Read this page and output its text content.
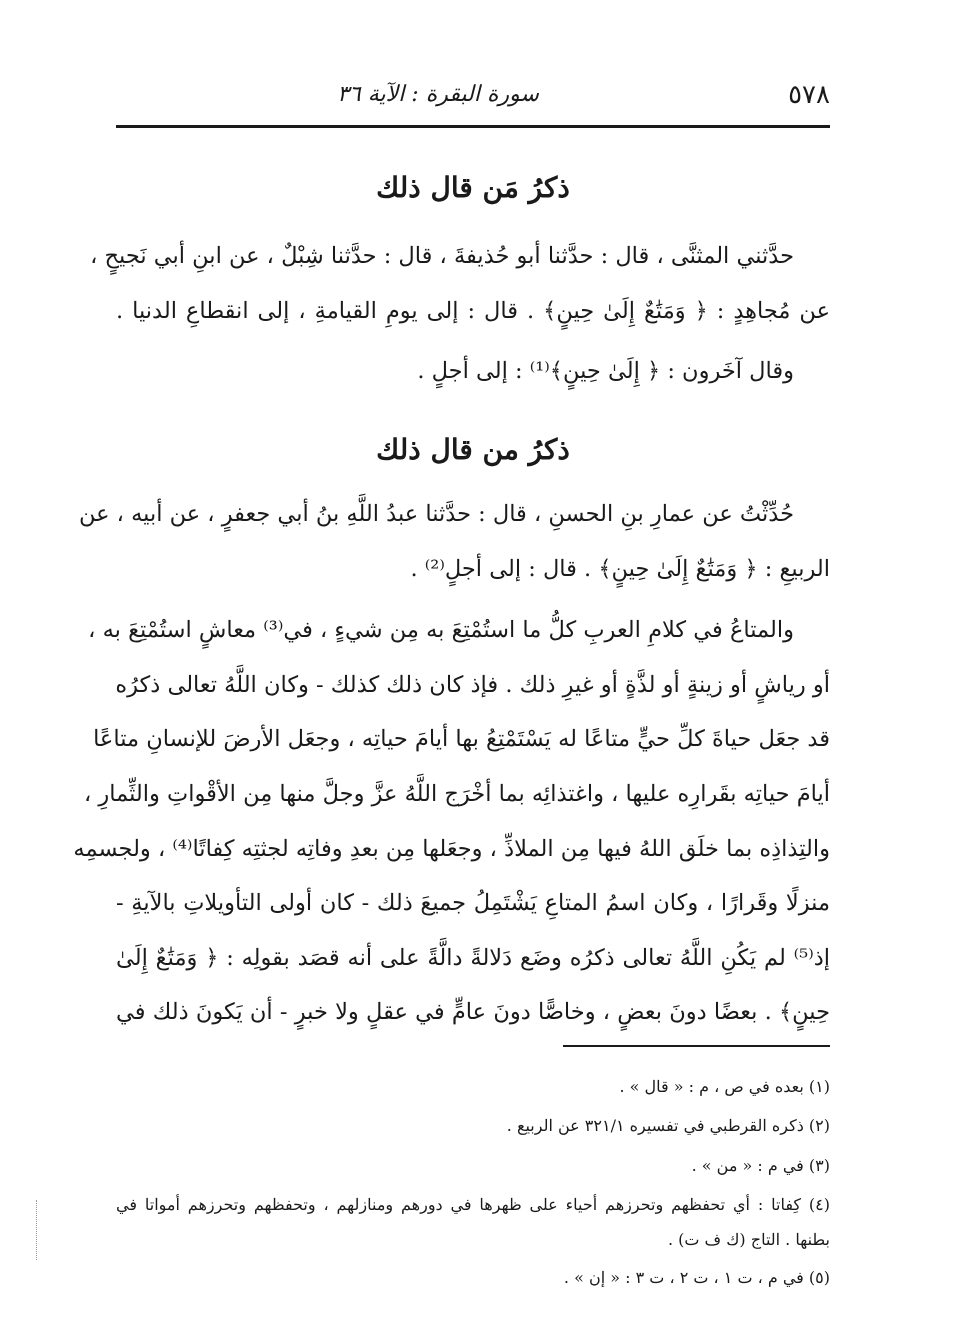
٥٧٨
سورة البقرة : الآية ٣٦
ذكرُ مَن قال ذلك
حدَّثني المثنَّى ، قال : حدَّثنا أبو حُذيفةَ ، قال : حدَّثنا شِبْلٌ ، عن ابنِ أبي نَجيحٍ ،
عن مُجاهِدٍ : ﴿ وَمَتَٰعٌ إِلَىٰ حِينٍ﴾ . قال : إلى يومِ القيامةِ ، إلى انقطاعِ الدنيا .
وقال آخَرون : ﴿ إِلَىٰ حِينٍ﴾⁽¹⁾ : إلى أجلٍ .
ذكرُ من قال ذلك
حُدِّثْتُ عن عمارِ بنِ الحسنِ ، قال : حدَّثنا عبدُ اللَّهِ بنُ أبي جعفرٍ ، عن أبيه ، عن
الربيعِ : ﴿ وَمَتَٰعٌ إِلَىٰ حِينٍ﴾ . قال : إلى أجلٍ⁽²⁾ .
والمتاعُ في كلامِ العربِ كلُّ ما استُمْتِعَ به مِن شيءٍ ، في⁽³⁾ معاشٍ استُمْتِعَ به ،
أو رياشٍ أو زينةٍ أو لذَّةٍ أو غيرِ ذلك . فإذ كان ذلك كذلك - وكان اللَّهُ تعالى ذكرُه
قد جعَل حياةَ كلِّ حيٍّ متاعًا له يَسْتَمْتِعُ بها أيامَ حياتِه ، وجعَل الأرضَ للإنسانِ متاعًا
أيامَ حياتِه بقَرارِه عليها ، واغتذائِه بما أخْرَج اللَّهُ عزَّ وجلَّ منها مِن الأقْواتِ والثِّمارِ ،
والتِذاذِه بما خلَق اللهُ فيها مِن الملاذِّ ، وجعَلها مِن بعدِ وفاتِه لجثتِه كِفاتًا⁽⁴⁾ ، ولجسمِه
منزلًا وقَرارًا ، وكان اسمُ المتاعِ يَشْتَمِلُ جميعَ ذلك - كان أولى التأويلاتِ بالآيةِ -
إذ⁽⁵⁾ لم يَكُنِ اللَّهُ تعالى ذكرُه وضَع دَلالةً دالَّةً على أنه قصَد بقولِه : ﴿ وَمَتَٰعٌ إِلَىٰ
حِينٍ﴾ . بعضًا دونَ بعضٍ ، وخاصًّا دونَ عامٍّ في عقلٍ ولا خبرٍ - أن يَكونَ ذلك في
(١) بعده في ص ، م : « قال » .
(٢) ذكره القرطبي في تفسيره ٣٢١/١ عن الربيع .
(٣) في م : « من » .
(٤) كِفاتا : أي تحفظهم وتحرزهم أحياء على ظهرها في دورهم ومنازلهم ، وتحفظهم وتحرزهم أمواتا في
بطنها . التاج (ك ف ت) .
(٥) في م ، ت ١ ، ت ٢ ، ت ٣ : « إن » .
